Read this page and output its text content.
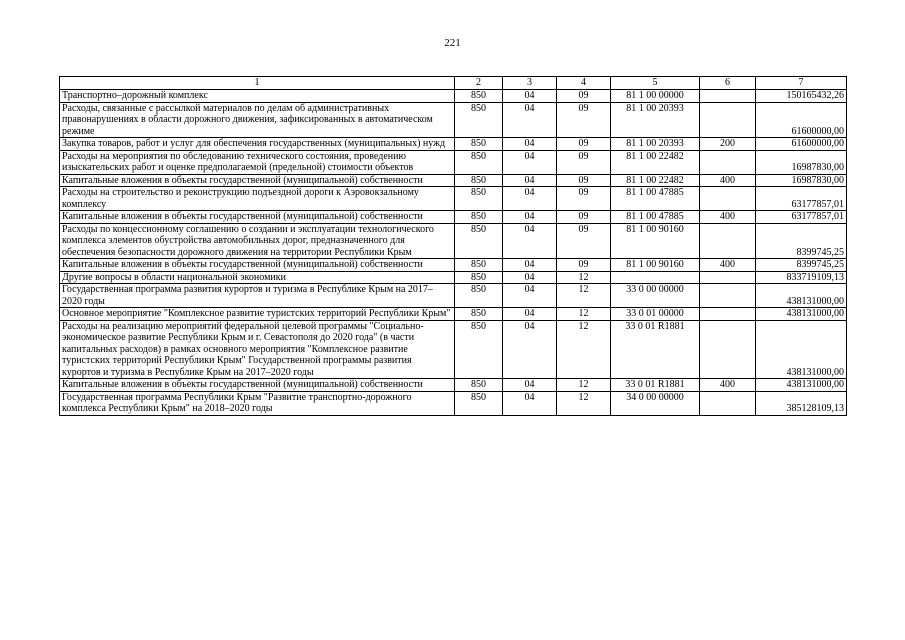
221
1	2	3	4	5	6	7
Транспортно–дорожный комплекс	850	04	09	81 1 00 00000		150165432,26
Расходы, связанные с рассылкой материалов по делам об административных правонарушениях в области дорожного движения, зафиксированных в автоматическом режиме	850	04	09	81 1 00 20393		61600000,00
Закупка товаров, работ и услуг для обеспечения государственных (муниципальных) нужд	850	04	09	81 1 00 20393	200	61600000,00
Расходы на мероприятия по обследованию технического состояния, проведению изыскательских работ и оценке предполагаемой (предельной) стоимости объектов	850	04	09	81 1 00 22482		16987830,00
Капитальные вложения в объекты государственной (муниципальной) собственности	850	04	09	81 1 00 22482	400	16987830,00
Расходы на строительство и реконструкцию подъездной дороги к Аэровокзальному комплексу	850	04	09	81 1 00 47885		63177857,01
Капитальные вложения в объекты государственной (муниципальной) собственности	850	04	09	81 1 00 47885	400	63177857,01
Расходы по концессионному соглашению о создании и эксплуатации технологического комплекса элементов обустройства автомобильных дорог, предназначенного для обеспечения безопасности дорожного движения на территории Республики Крым	850	04	09	81 1 00 90160		8399745,25
Капитальные вложения в объекты государственной (муниципальной) собственности	850	04	09	81 1 00 90160	400	8399745,25
Другие вопросы в области национальной экономики	850	04	12			833719109,13
Государственная программа развития курортов и туризма в Республике Крым на 2017–2020 годы	850	04	12	33 0 00 00000		438131000,00
Основное мероприятие "Комплексное развитие туристских территорий Республики Крым"	850	04	12	33 0 01 00000		438131000,00
Расходы на реализацию мероприятий федеральной целевой программы "Социально-экономическое развитие Республики Крым и г. Севастополя до 2020 года" (в части капитальных расходов) в рамках основного мероприятия "Комплексное развитие туристских территорий Республики Крым" Государственной программы развития курортов и туризма в Республике Крым на 2017–2020 годы	850	04	12	33 0 01 R1881		438131000,00
Капитальные вложения в объекты государственной (муниципальной) собственности	850	04	12	33 0 01 R1881	400	438131000,00
Государственная программа Республики Крым "Развитие транспортно-дорожного комплекса Республики Крым" на 2018–2020 годы	850	04	12	34 0 00 00000		385128109,13
